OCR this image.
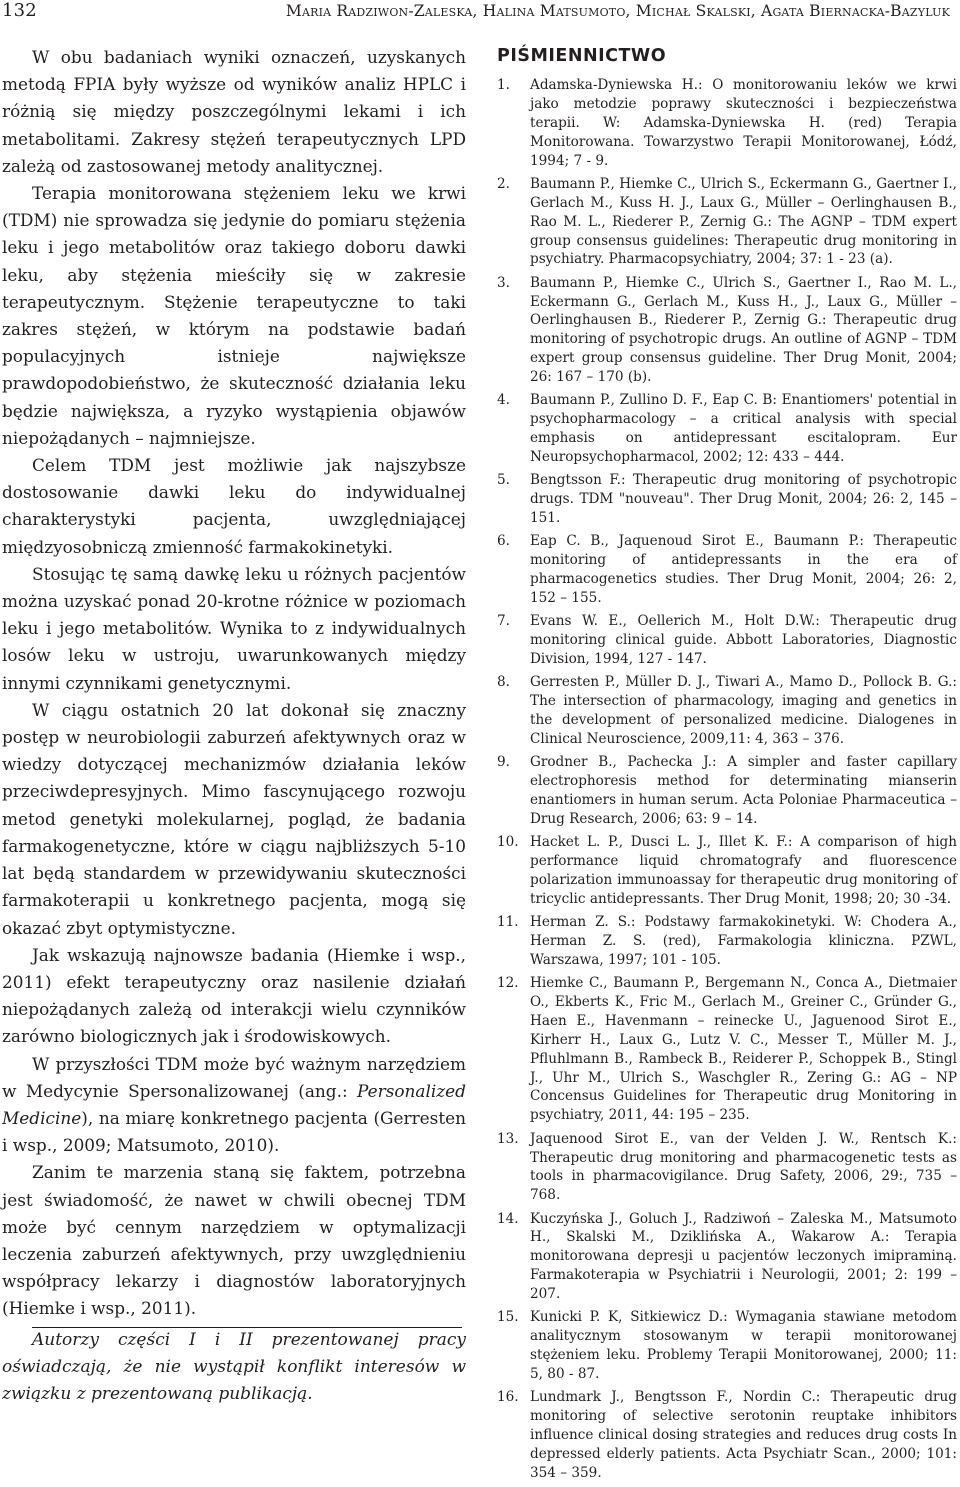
132	Maria Radziwon-Zaleska, Halina Matsumoto, Michał Skalski, Agata Biernacka-Bazyluk

W obu badaniach wyniki oznaczeń, uzyskanych metodą FPIA były wyższe od wyników analiz HPLC i różnią się między poszczególnymi lekami i ich metabolitami. Zakresy stężeń terapeutycznych LPD zależą od zastosowanej metody analitycznej.

Terapia monitorowana stężeniem leku we krwi (TDM) nie sprowadza się jedynie do pomiaru stężenia leku i jego metabolitów oraz takiego doboru dawki leku, aby stężenia mieściły się w zakresie terapeutycznym. Stężenie terapeutyczne to taki zakres stężeń, w którym na podstawie badań populacyjnych istnieje największe prawdopodobieństwo, że skuteczność działania leku będzie największa, a ryzyko wystąpienia objawów niepożądanych – najmniejsze.

Celem TDM jest możliwie jak najszybsze dostosowanie dawki leku do indywidualnej charakterystyki pacjenta, uwzględniającej międzyosobniczą zmienność farmakokinetyki.

Stosując tę samą dawkę leku u różnych pacjentów można uzyskać ponad 20-krotne różnice w poziomach leku i jego metabolitów. Wynika to z indywidualnych losów leku w ustroju, uwarunkowanych między innymi czynnikami genetycznymi.

W ciągu ostatnich 20 lat dokonał się znaczny postęp w neurobiologii zaburzeń afektywnych oraz w wiedzy dotyczącej mechanizmów działania leków przeciwdepresyjnych. Mimo fascynującego rozwoju metod genetyki molekularnej, pogląd, że badania farmakogenetyczne, które w ciągu najbliższych 5-10 lat będą standardem w przewidywaniu skuteczności farmakoterapii u konkretnego pacjenta, mogą się okazać zbyt optymistyczne.

Jak wskazują najnowsze badania (Hiemke i wsp., 2011) efekt terapeutyczny oraz nasilenie działań niepożądanych zależą od interakcji wielu czynników zarówno biologicznych jak i środowiskowych.

W przyszłości TDM może być ważnym narzędziem w Medycynie Spersonalizowanej (ang.: Personalized Medicine), na miarę konkretnego pacjenta (Gerresten i wsp., 2009; Matsumoto, 2010).

Zanim te marzenia staną się faktem, potrzebna jest świadomość, że nawet w chwili obecnej TDM może być cennym narzędziem w optymalizacji leczenia zaburzeń afektywnych, przy uwzględnieniu współpracy lekarzy i diagnostów laboratoryjnych (Hiemke i wsp., 2011).

Autorzy części I i II prezentowanej pracy oświadczają, że nie wystąpił konflikt interesów w związku z prezentowaną publikacją.
PIŚMIENNICTWO
1.	Adamska-Dyniewska H.: O monitorowaniu leków we krwi jako metodzie poprawy skuteczności i bezpieczeństwa terapii. W: Adamska-Dyniewska H. (red) Terapia Monitorowana. Towarzystwo Terapii Monitorowanej, Łódź, 1994; 7 - 9.
2.	Baumann P., Hiemke C., Ulrich S., Eckermann G., Gaertner I., Gerlach M., Kuss H. J., Laux G., Müller – Oerlinghausen B., Rao M. L., Riederer P., Zernig G.: The AGNP – TDM expert group consensus guidelines: Therapeutic drug monitoring in psychiatry. Pharmacopsychiatry, 2004; 37: 1 - 23 (a).
3.	Baumann P., Hiemke C., Ulrich S., Gaertner I., Rao M. L., Eckermann G., Gerlach M., Kuss H., J., Laux G., Müller – Oerlinghausen B., Riederer P., Zernig G.: Therapeutic drug monitoring of psychotropic drugs. An outline of AGNP – TDM expert group consensus guideline. Ther Drug Monit, 2004; 26: 167 – 170 (b).
4.	Baumann P., Zullino D. F., Eap C. B: Enantiomers' potential in psychopharmacology – a critical analysis with special emphasis on antidepressant escitalopram. Eur Neuropsychopharmacol, 2002; 12: 433 – 444.
5.	Bengtsson F.: Therapeutic drug monitoring of psychotropic drugs. TDM "nouveau". Ther Drug Monit, 2004; 26: 2, 145 – 151.
6.	Eap C. B., Jaquenoud Sirot E., Baumann P.: Therapeutic monitoring of antidepressants in the era of pharmacogenetics studies. Ther Drug Monit, 2004; 26: 2, 152 – 155.
7.	Evans W. E., Oellerich M., Holt D.W.: Therapeutic drug monitoring clinical guide. Abbott Laboratories, Diagnostic Division, 1994, 127 - 147.
8.	Gerresten P., Müller D. J., Tiwari A., Mamo D., Pollock B. G.: The intersection of pharmacology, imaging and genetics in the development of personalized medicine. Dialogenes in Clinical Neuroscience, 2009,11: 4, 363 – 376.
9.	Grodner B., Pachecka J.: A simpler and faster capillary electrophoresis method for determinating mianserin enantiomers in human serum. Acta Poloniae Pharmaceutica – Drug Research, 2006; 63: 9 – 14.
10. Hacket L. P., Dusci L. J., Illet K. F.: A comparison of high performance liquid chromatografy and fluorescence polarization immunoassay for therapeutic drug monitoring of tricyclic antidepressants. Ther Drug Monit, 1998; 20; 30 -34.
11. Herman Z. S.: Podstawy farmakokinetyki. W: Chodera A., Herman Z. S. (red), Farmakologia kliniczna. PZWL, Warszawa, 1997; 101 - 105.
12. Hiemke C., Baumann P., Bergemann N., Conca A., Dietmaier O., Ekberts K., Fric M., Gerlach M., Greiner C., Gründer G., Haen E., Havenmann – reinecke U., Jaguenood Sirot E., Kirherr H., Laux G., Lutz V. C., Messer T., Müller M. J., Pfluhlmann B., Rambeck B., Reiderer P., Schoppek B., Stingl J., Uhr M., Ulrich S., Waschgler R., Zering G.: AG – NP Concensus Guidelines for Therapeutic drug Monitoring in psychiatry, 2011, 44: 195 – 235.
13. Jaquenood Sirot E., van der Velden J. W., Rentsch K.: Therapeutic drug monitoring and pharmacogenetic tests as tools in pharmacovigilance. Drug Safety, 2006, 29:, 735 – 768.
14. Kuczyńska J., Goluch J., Radziwoń – Zaleska M., Matsumoto H., Skalski M., Dziklińska A., Wakarow A.: Terapia monitorowana depresji u pacjentów leczonych imipraminą. Farmakoterapia w Psychiatrii i Neurologii, 2001; 2: 199 – 207.
15. Kunicki P. K, Sitkiewicz D.: Wymagania stawiane metodom analitycznym stosowanym w terapii monitorowanej stężeniem leku. Problemy Terapii Monitorowanej, 2000; 11: 5, 80 - 87.
16. Lundmark J., Bengtsson F., Nordin C.: Therapeutic drug monitoring of selective serotonin reuptake inhibitors influence clinical dosing strategies and reduces drug costs In depressed elderly patients. Acta Psychiatr Scan., 2000; 101: 354 – 359.
